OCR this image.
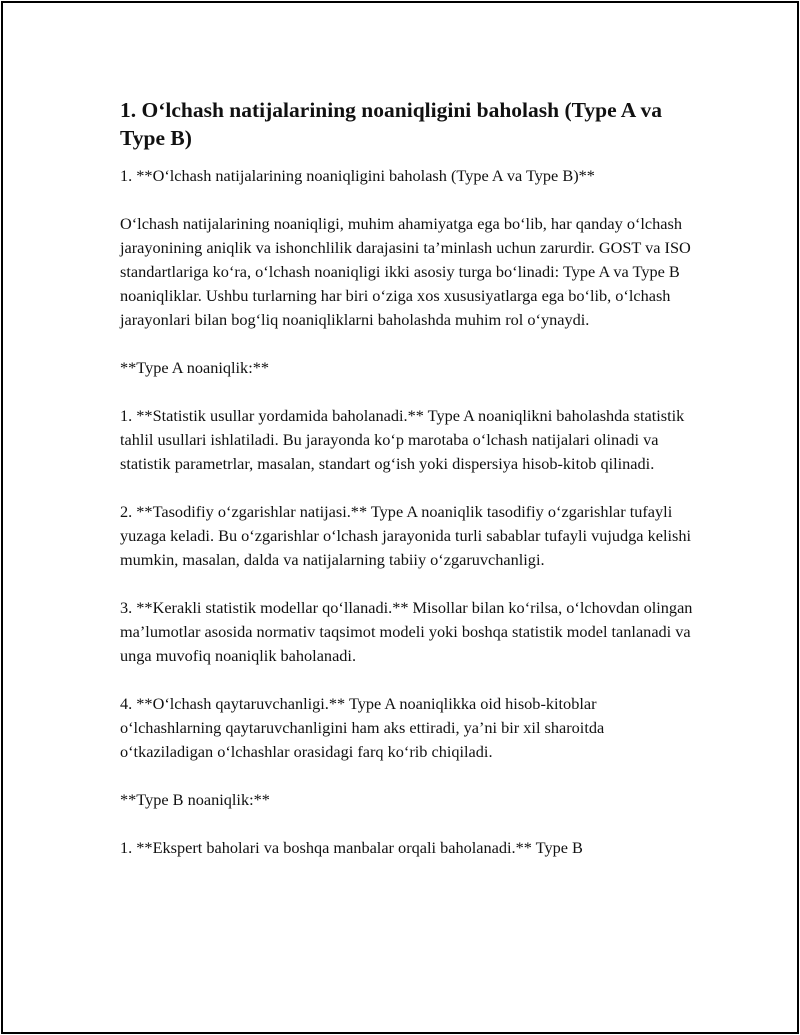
1. Oʻlchash natijalarining noaniqligini baholash (Type A va Type B)

1. **Oʻlchash natijalarining noaniqligini baholash (Type A va Type B)**

Oʻlchash natijalarining noaniqligi, muhim ahamiyatga ega boʻlib, har qanday oʻlchash jarayonining aniqlik va ishonchlilik darajasini taʼminlash uchun zarurdir. GOST va ISO standartlariga koʻra, oʻlchash noaniqligi ikki asosiy turga boʻlinadi: Type A va Type B noaniqliklar. Ushbu turlarning har biri oʻziga xos xususiyatlarga ega boʻlib, oʻlchash jarayonlari bilan bogʻliq noaniqliklarni baholashda muhim rol oʻynaydi.

**Type A noaniqlik:**

1. **Statistik usullar yordamida baholanadi.** Type A noaniqlikni baholashda statistik tahlil usullari ishlatiladi. Bu jarayonda koʻp marotaba oʻlchash natijalari olinadi va statistik parametrlar, masalan, standart ogʻish yoki dispersiya hisob-kitob qilinadi.

2. **Tasodifiy oʻzgarishlar natijasi.** Type A noaniqlik tasodifiy oʻzgarishlar tufayli yuzaga keladi. Bu oʻzgarishlar oʻlchash jarayonida turli sabablar tufayli vujudga kelishi mumkin, masalan, dalda va natijalarning tabiiy oʻzgaruvchanligi.

3. **Kerakli statistik modellar qoʻllanadi.** Misollar bilan koʻrilsa, oʻlchovdan olingan maʼlumotlar asosida normativ taqsimot modeli yoki boshqa statistik model tanlanadi va unga muvofiq noaniqlik baholanadi.

4. **Oʻlchash qaytaruvchanligi.** Type A noaniqlikka oid hisob-kitoblar oʻlchashlarning qaytaruvchanligini ham aks ettiradi, yaʼni bir xil sharoitda oʻtkaziladigan oʻlchashlar orasidagi farq koʻrib chiqiladi.

**Type B noaniqlik:**

1. **Ekspert baholari va boshqa manbalar orqali baholanadi.** Type B
